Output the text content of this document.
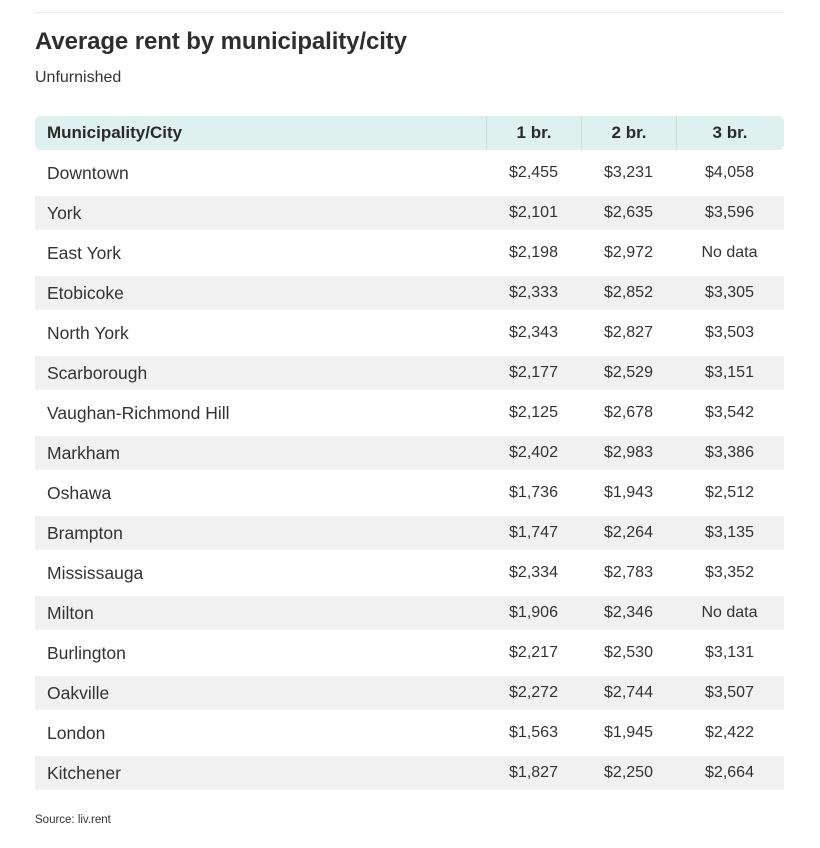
Average rent by municipality/city
Unfurnished
Municipality/City	1 br.	2 br.	3 br.
Downtown	$2,455	$3,231	$4,058
York	$2,101	$2,635	$3,596
East York	$2,198	$2,972	No data
Etobicoke	$2,333	$2,852	$3,305
North York	$2,343	$2,827	$3,503
Scarborough	$2,177	$2,529	$3,151
Vaughan-Richmond Hill	$2,125	$2,678	$3,542
Markham	$2,402	$2,983	$3,386
Oshawa	$1,736	$1,943	$2,512
Brampton	$1,747	$2,264	$3,135
Mississauga	$2,334	$2,783	$3,352
Milton	$1,906	$2,346	No data
Burlington	$2,217	$2,530	$3,131
Oakville	$2,272	$2,744	$3,507
London	$1,563	$1,945	$2,422
Kitchener	$1,827	$2,250	$2,664
Source: liv.rent
